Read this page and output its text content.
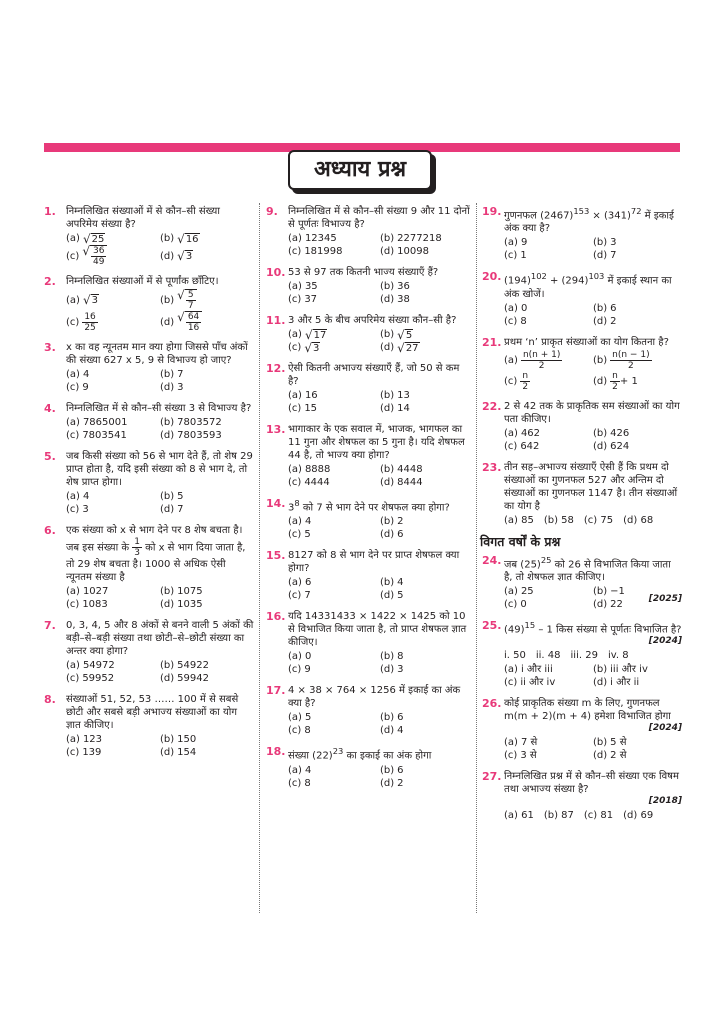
अध्याय प्रश्न
1. निम्नलिखित संख्याओं में से कौन–सी संख्या अपरिमेय संख्या है?
(a) √ 25	(b) √ 16
(c) √ $\frac{36}{49}$	(d) √ 3
2. निम्नलिखित संख्याओं में से पूर्णांक छाँटिए।
(a) √ 3	(b) √ $\frac{5}{7}$
$(c) \frac{16}{25}$	(d) √ $\frac{64}{16}$
3. x का वह न्यूनतम मान क्या होगा जिससे पाँच अंकों की संख्या 627 x 5, 9 से विभाज्य हो जाए?
(a) 4	(b) 7
(c) 9	(d) 3
4. निम्नलिखित में से कौन–सी संख्या 3 से विभाज्य है?
(a) 7865001	(b) 7803572
(c) 7803541	(d) 7803593
5. जब किसी संख्या को 56 से भाग देते हैं, तो शेष 29 प्राप्त होता है, यदि इसी संख्या को 8 से भाग दे, तो शेष प्राप्त होगा।
(a) 4	(b) 5
(c) 3	(d) 7
6. एक संख्या को x से भाग देने पर 8 शेष बचता है। जब इस संख्या के $\frac{1}{3}$ को x से भाग दिया जाता है, तो 29 शेष बचता है। 1000 से अधिक ऐसी न्यूनतम संख्या है
(a) 1027	(b) 1075
(c) 1083	(d) 1035
7. 0, 3, 4, 5 और 8 अंकों से बनने वाली 5 अंकों की बड़ी–से–बड़ी संख्या तथा छोटी–से–छोटी संख्या का अन्तर क्या होगा?
(a) 54972	(b) 54922
(c) 59952	(d) 59942
8. संख्याओं 51, 52, 53 …… 100 में से सबसे छोटी और सबसे बड़ी अभाज्य संख्याओं का योग ज्ञात कीजिए।
(a) 123	(b) 150
(c) 139	(d) 154
9. निम्नलिखित में से कौन–सी संख्या 9 और 11 दोनों से पूर्णतः विभाज्य है?
(a) 12345	(b) 2277218
(c) 181998	(d) 10098
10. 53 से 97 तक कितनी भाज्य संख्याएँ हैं?
(a) 35	(b) 36
(c) 37	(d) 38
11. 3 और 5 के बीच अपरिमेय संख्या कौन–सी है?
(a) √ 17	(b) √ 5
(c) √ 3	(d) √ 27
12. ऐसी कितनी अभाज्य संख्याएँ हैं, जो 50 से कम है?
(a) 16	(b) 13
(c) 15	(d) 14
13. भागाकार के एक सवाल में, भाजक, भागफल का 11 गुना और शेषफल का 5 गुना है। यदि शेषफल 44 है, तो भाज्य क्या होगा?
(a) 8888	(b) 4448
(c) 4444	(d) 8444
14. $3^8$ को 7 से भाग देने पर शेषफल क्या होगा?
(a) 4	(b) 2
(c) 5	(d) 6
15. 8127 को 8 से भाग देने पर प्राप्त शेषफल क्या होगा?
(a) 6	(b) 4
(c) 7	(d) 5
16. यदि 14331433 × 1422 × 1425 को 10 से विभाजित किया जाता है, तो प्राप्त शेषफल ज्ञात कीजिए।
(a) 0	(b) 8
(c) 9	(d) 3
17. 4 × 38 × 764 × 1256 में इकाई का अंक क्या है?
(a) 5	(b) 6
(c) 8	(d) 4
18. संख्या $(22)^{23}$ का इकाई का अंक होगा
(a) 4	(b) 6
(c) 8	(d) 2
19. गुणनफल $(2467)^{153} \times (341)^{72}$ में इकाई अंक क्या है?
(a) 9	(b) 3
(c) 1	(d) 7
20. $(194)^{102} + (294)^{103}$ में इकाई स्थान का अंक खोजें।
(a) 0	(b) 6
(c) 8	(d) 2
21. प्रथम ‘n’ प्राकृत संख्याओं का योग कितना है?
$(a) \frac{n(n + 1)}{2}$	$(b) \frac{n(n - 1)}{2}$
$(c) \frac{n}{2}$	$(d) \frac{n}{2} + 1$
22. 2 से 42 तक के प्राकृतिक सम संख्याओं का योग पता कीजिए।
(a) 462	(b) 426
(c) 642	(d) 624
23. तीन सह–अभाज्य संख्याएँ ऐसी हैं कि प्रथम दो संख्याओं का गुणनफल 527 और अन्तिम दो संख्याओं का गुणनफल 1147 है। तीन संख्याओं का योग है
(a) 85 (b) 58 (c) 75 (d) 68
विगत वर्षों के प्रश्न
24. जब $(25)^{25}$ को 26 से विभाजित किया जाता है, तो शेषफल ज्ञात कीजिए।
(a) 25	(b) −1
(c) 0	(d) 22
[2025]
25. $(49)^{15} - 1$ किस संख्या से पूर्णतः विभाजित है?
[2024]
i. 50 ii. 48 iii. 29 iv. 8
(a) i और iii	(b) iii और iv
(c) ii और iv	(d) i और ii
26. कोई प्राकृतिक संख्या m के लिए, गुणनफल m(m + 2)(m + 4) हमेशा विभाजित होगा
[2024]
(a) 7 से	(b) 5 से
(c) 3 से	(d) 2 से
27. निम्नलिखित प्रश्न में से कौन–सी संख्या एक विषम तथा अभाज्य संख्या है?
[2018]
(a) 61 (b) 87 (c) 81 (d) 69
